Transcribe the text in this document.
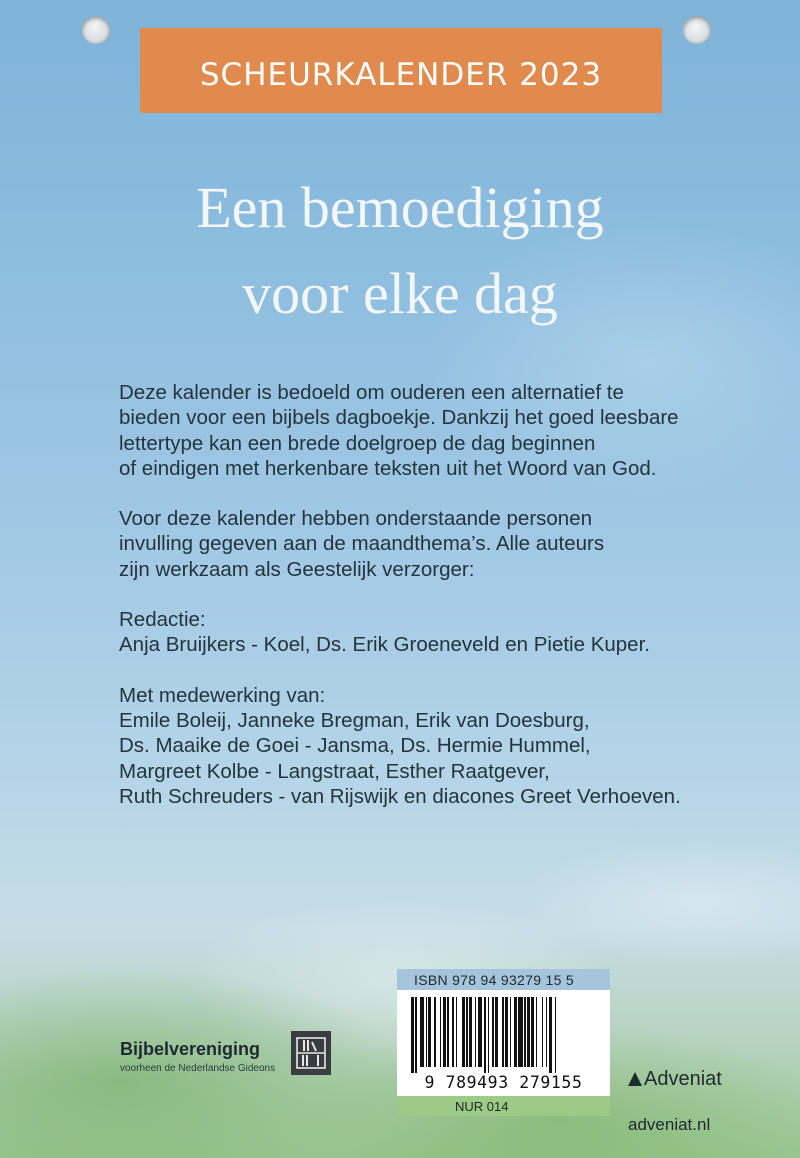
SCHEURKALENDER 2023
Een bemoediging
voor elke dag

Deze kalender is bedoeld om ouderen een alternatief te

bieden voor een bijbels dagboekje. Dankzij het goed leesbare

lettertype kan een brede doelgroep de dag beginnen

of eindigen met herkenbare teksten uit het Woord van God.

Voor deze kalender hebben onderstaande personen

invulling gegeven aan de maandthema’s. Alle auteurs

zijn werkzaam als Geestelijk verzorger:

Redactie:

Anja Bruijkers - Koel, Ds. Erik Groeneveld en Pietie Kuper.

Met medewerking van:

Emile Boleij, Janneke Bregman, Erik van Doesburg,

Ds. Maaike de Goei - Jansma, Ds. Hermie Hummel,

Margreet Kolbe - Langstraat, Esther Raatgever,

Ruth Schreuders - van Rijswijk en diacones Greet Verhoeven.

Bijbelvereniging
voorheen de Nederlandse Gideons
ISBN 978 94 93279 15 5
9 789493 279155
NUR 014
Adveniat
adveniat.nl
